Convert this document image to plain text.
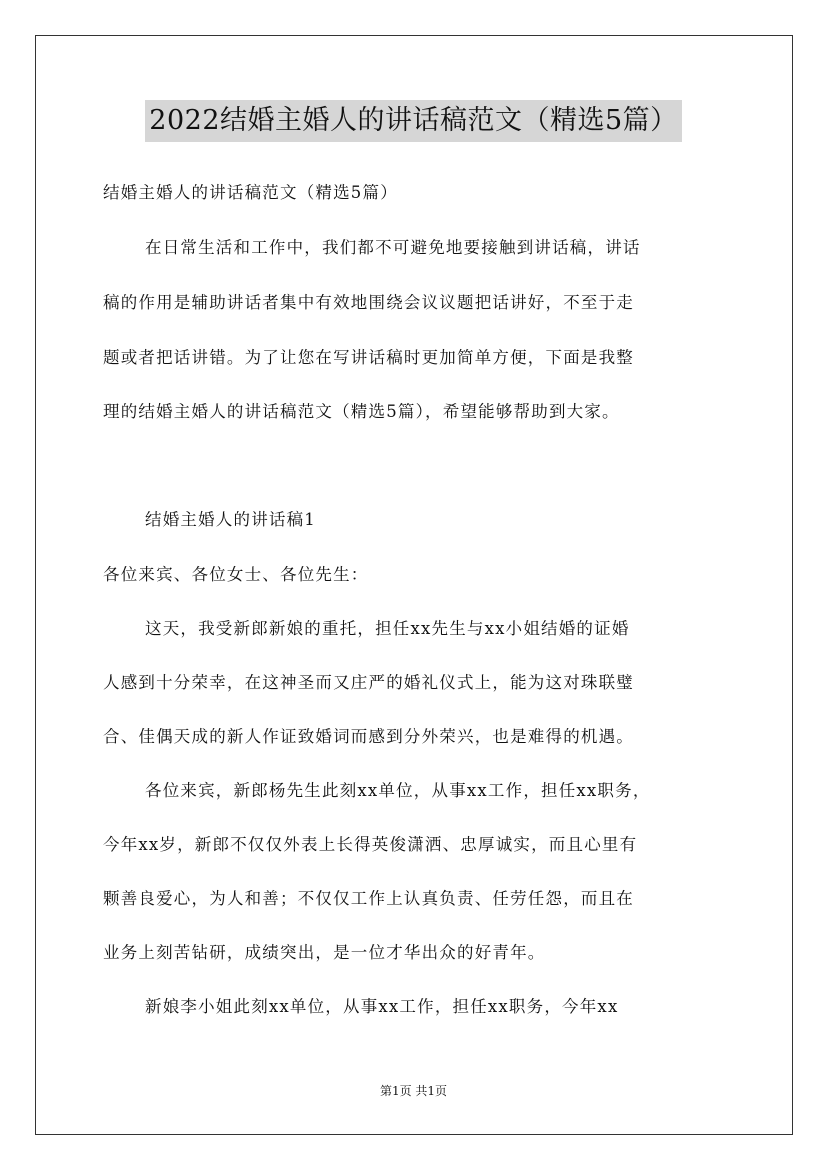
2022结婚主婚人的讲话稿范文（精选5篇）
结婚主婚人的讲话稿范文（精选5篇）
在日常生活和工作中，我们都不可避免地要接触到讲话稿，讲话
稿的作用是辅助讲话者集中有效地围绕会议议题把话讲好，不至于走
题或者把话讲错。为了让您在写讲话稿时更加简单方便，下面是我整
理的结婚主婚人的讲话稿范文（精选5篇），希望能够帮助到大家。
结婚主婚人的讲话稿1
各位来宾、各位女士、各位先生：
这天，我受新郎新娘的重托，担任xx先生与xx小姐结婚的证婚
人感到十分荣幸，在这神圣而又庄严的婚礼仪式上，能为这对珠联璧
合、佳偶天成的新人作证致婚词而感到分外荣兴，也是难得的机遇。
各位来宾，新郎杨先生此刻xx单位，从事xx工作，担任xx职务，
今年xx岁，新郎不仅仅外表上长得英俊潇洒、忠厚诚实，而且心里有
颗善良爱心，为人和善；不仅仅工作上认真负责、任劳任怨，而且在
业务上刻苦钻研，成绩突出，是一位才华出众的好青年。
新娘李小姐此刻xx单位，从事xx工作，担任xx职务，今年xx
第1页 共1页
